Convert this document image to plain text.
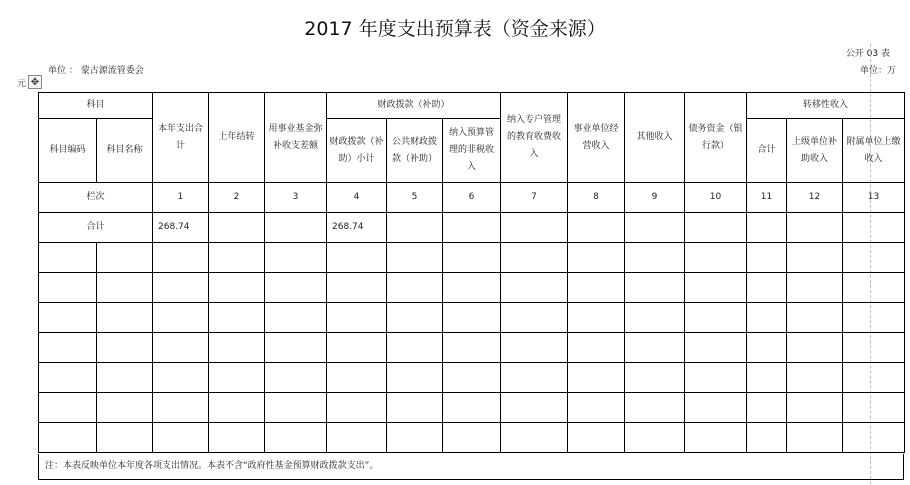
2017 年度支出预算表（资金来源）
公开 03 表
单位 ： 蒙古源流管委会	单位：万
元 ✥
科目		本年支出合计	上年结转	用事业基金弥补收支差额	财政拨款（补助）			纳入专户管理的教育收费收入	事业单位经营收入	其他收入	债务资金（银行款）	转移性收入		
科目编码	科目名称				财政拨款（补助）小计	公共财政拨款（补助）	纳入预算管理的非税收入					合计	上级单位补助收入	附属单位上缴收入
栏次		1	2	3	4	5	6	7	8	9	10	11	12	13
合计		268.74			268.74									

注：本表反映单位本年度各项支出情况。本表不含“政府性基金预算财政拨款支出”。
